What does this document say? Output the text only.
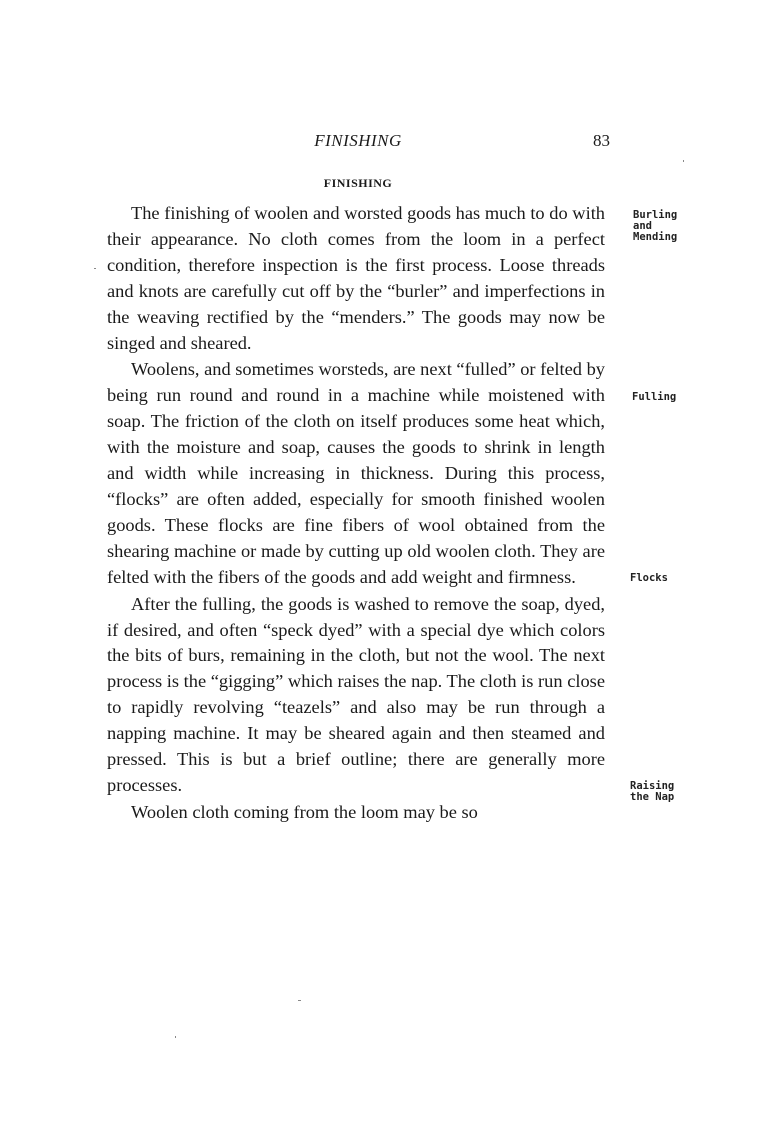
FINISHING	83
FINISHING

The finishing of woolen and worsted goods has much to do with their appearance. No cloth comes from the loom in a perfect condition, therefore inspection is the first process. Loose threads and knots are carefully cut off by the “burler” and imperfections in the weaving rectified by the “menders.” The goods may now be singed and sheared.

Woolens, and sometimes worsteds, are next “fulled” or felted by being run round and round in a machine while moistened with soap. The friction of the cloth on itself produces some heat which, with the moisture and soap, causes the goods to shrink in length and width while increasing in thickness. During this process, “flocks” are often added, especially for smooth finished woolen goods. These flocks are fine fibers of wool obtained from the shearing machine or made by cutting up old woolen cloth. They are felted with the fibers of the goods and add weight and firmness.

After the fulling, the goods is washed to remove the soap, dyed, if desired, and often “speck dyed” with a special dye which colors the bits of burs, remaining in the cloth, but not the wool. The next process is the “gigging” which raises the nap. The cloth is run close to rapidly revolving “teazels” and also may be run through a napping machine. It may be sheared again and then steamed and pressed. This is but a brief outline; there are generally more processes.

Woolen cloth coming from the loom may be so

Burling
and
Mending
Fulling
Flocks
Raising
the Nap
